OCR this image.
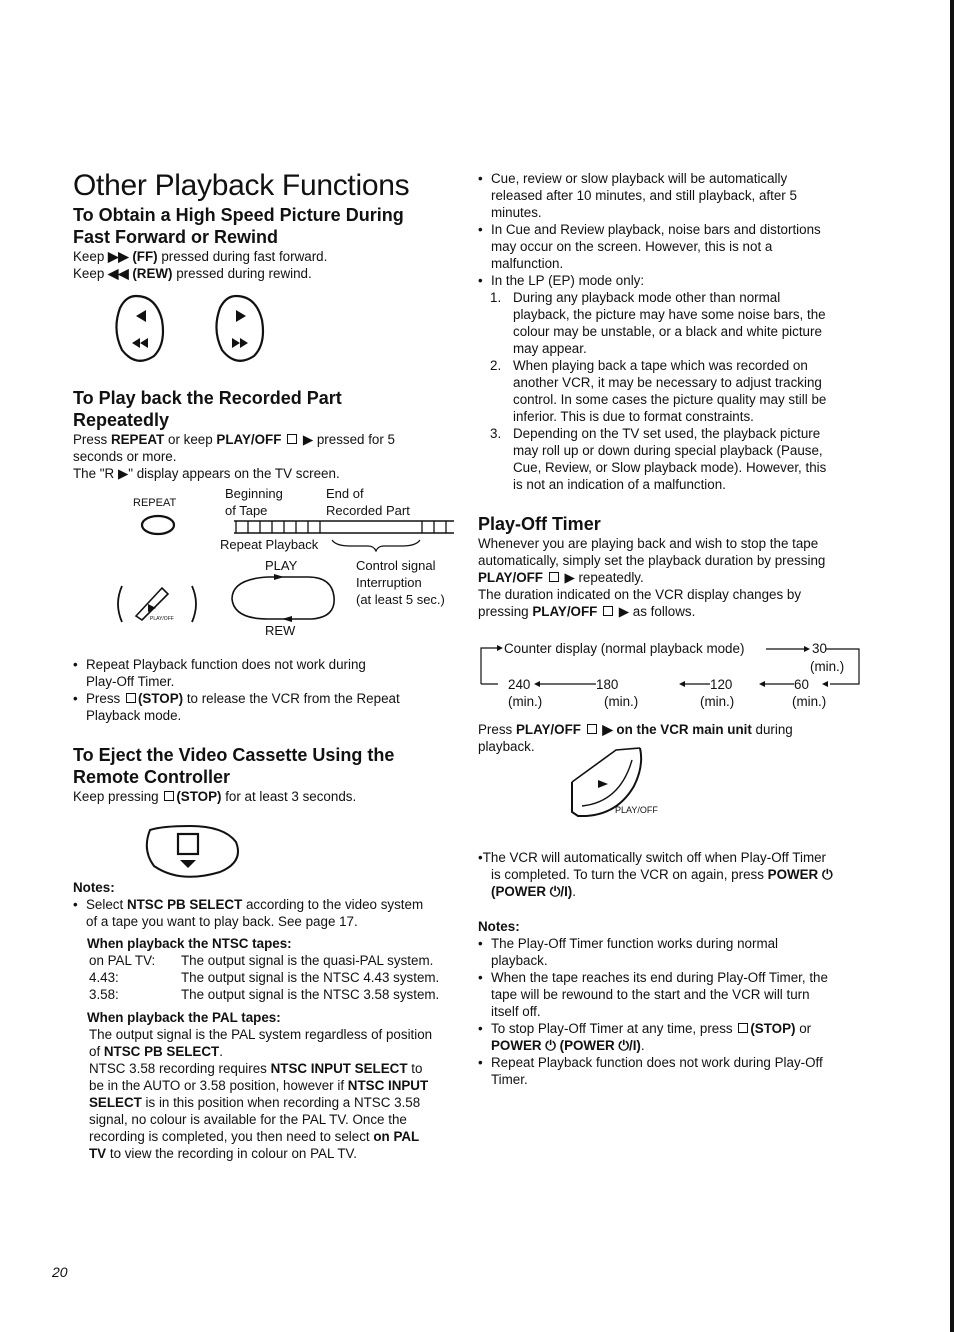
Other Playback Functions
To Obtain a High Speed Picture During
Fast Forward or Rewind

Keep ▶▶ (FF) pressed during fast forward.

Keep ◀◀ (REW) pressed during rewind.

To Play back the Recorded Part
Repeatedly

Press REPEAT or keep PLAY/OFF  ▶ pressed for 5
seconds or more.

The "R ▶" display appears on the TV screen.

REPEAT
Beginning
of Tape
End of
Recorded Part
Repeat Playback
PLAY
REW
Control signal
Interruption
(at least 5 sec.)
PLAY/OFF
• Repeat Playback function does not work during
Play-Off Timer.
• Press (STOP) to release the VCR from the Repeat
Playback mode.
To Eject the Video Cassette Using the
Remote Controller

Keep pressing (STOP) for at least 3 seconds.

Notes:
• Select NTSC PB SELECT according to the video system
of a tape you want to play back. See page 17.
When playback the NTSC tapes:
on PAL TV:	The output signal is the quasi-PAL system.
4.43:	The output signal is the NTSC 4.43 system.
3.58:	The output signal is the NTSC 3.58 system.
When playback the PAL tapes:

The output signal is the PAL system regardless of position
of NTSC PB SELECT.

NTSC 3.58 recording requires NTSC INPUT SELECT to
be in the AUTO or 3.58 position, however if NTSC INPUT
SELECT is in this position when recording a NTSC 3.58
signal, no colour is available for the PAL TV. Once the
recording is completed, you then need to select on PAL
TV to view the recording in colour on PAL TV.

• Cue, review or slow playback will be automatically
released after 10 minutes, and still playback, after 5
minutes.
• In Cue and Review playback, noise bars and distortions
may occur on the screen. However, this is not a
malfunction.
• In the LP (EP) mode only:
1. During any playback mode other than normal
playback, the picture may have some noise bars, the
colour may be unstable, or a black and white picture
may appear.
2. When playing back a tape which was recorded on
another VCR, it may be necessary to adjust tracking
control. In some cases the picture quality may still be
inferior. This is due to format constraints.
3. Depending on the TV set used, the playback picture
may roll up or down during special playback (Pause,
Cue, Review, or Slow playback mode). However, this
is not an indication of a malfunction.
Play-Off Timer

Whenever you are playing back and wish to stop the tape
automatically, simply set the playback duration by pressing
PLAY/OFF  ▶ repeatedly.

The duration indicated on the VCR display changes by
pressing PLAY/OFF  ▶ as follows.

Counter display (normal playback mode)	30
(min.)
60
120
180
240
(min.)	(min.)	(min.)	(min.)

Press PLAY/OFF  ▶ on the VCR main unit during
playback.

PLAY/OFF

•The VCR will automatically switch off when Play-Off Timer
is completed. To turn the VCR on again, press POWER ⏻
(POWER ⏻/I).

Notes:
• The Play-Off Timer function works during normal
playback.
• When the tape reaches its end during Play-Off Timer, the
tape will be rewound to the start and the VCR will turn
itself off.
• To stop Play-Off Timer at any time, press (STOP) or
POWER ⏻ (POWER ⏻/I).
• Repeat Playback function does not work during Play-Off
Timer.
20
